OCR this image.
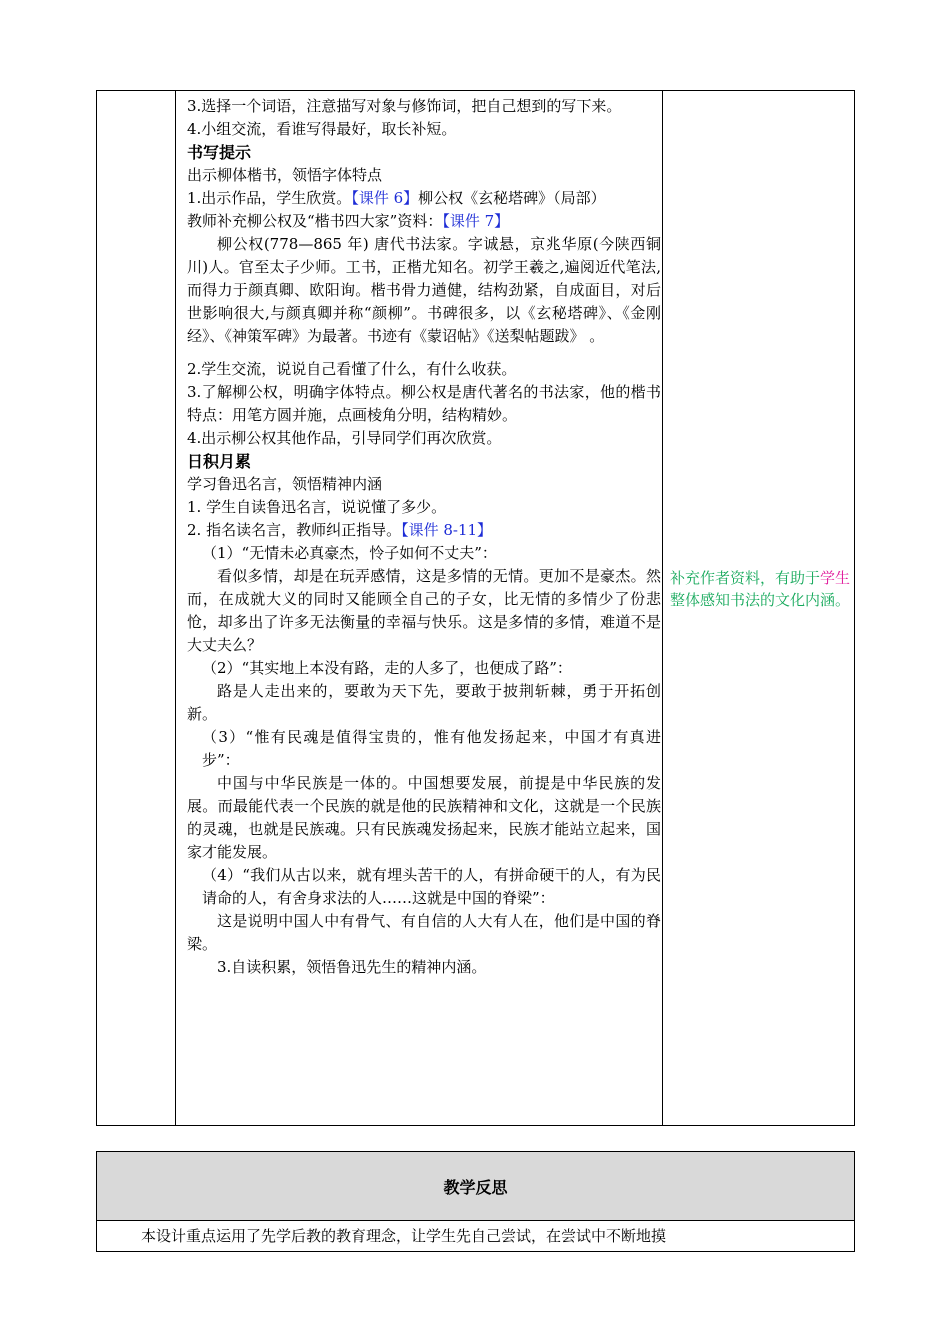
3.选择一个词语，注意描写对象与修饰词，把自己想到的写下来。

4.小组交流，看谁写得最好，取长补短。

书写提示

出示柳体楷书，领悟字体特点

1.出示作品，学生欣赏。【课件 6】柳公权《玄秘塔碑》（局部）

教师补充柳公权及“楷书四大家”资料：【课件 7】

柳公权(778—865 年) 唐代书法家。字诚悬，京兆华原(今陕西铜川)人。官至太子少师。工书，正楷尤知名。初学王羲之,遍阅近代笔法,而得力于颜真卿、欧阳询。楷书骨力遒健，结构劲紧，自成面目，对后世影响很大,与颜真卿并称“颜柳”。书碑很多，以《玄秘塔碑》、《金刚经》、《神策军碑》为最著。书迹有《蒙诏帖》《送梨帖题跋》 。

2.学生交流，说说自己看懂了什么，有什么收获。

3.了解柳公权，明确字体特点。柳公权是唐代著名的书法家，他的楷书特点：用笔方圆并施，点画棱角分明，结构精妙。

4.出示柳公权其他作品，引导同学们再次欣赏。

日积月累

学习鲁迅名言，领悟精神内涵

1. 学生自读鲁迅名言，说说懂了多少。

2. 指名读名言，教师纠正指导。【课件 8-11】

（1）“无情未必真豪杰，怜子如何不丈夫”：

看似多情，却是在玩弄感情，这是多情的无情。更加不是豪杰。然而，在成就大义的同时又能顾全自己的子女，比无情的多情少了份悲怆，却多出了许多无法衡量的幸福与快乐。这是多情的多情，难道不是大丈夫么？

（2）“其实地上本没有路，走的人多了，也便成了路”：

路是人走出来的，要敢为天下先，要敢于披荆斩棘，勇于开拓创新。

（3）“惟有民魂是值得宝贵的，惟有他发扬起来，中国才有真进步”：

中国与中华民族是一体的。中国想要发展，前提是中华民族的发展。而最能代表一个民族的就是他的民族精神和文化，这就是一个民族的灵魂，也就是民族魂。只有民族魂发扬起来，民族才能站立起来，国家才能发展。

（4）“我们从古以来，就有埋头苦干的人，有拼命硬干的人，有为民请命的人，有舍身求法的人……这就是中国的脊梁”：

这是说明中国人中有骨气、有自信的人大有人在，他们是中国的脊梁。

3.自读积累，领悟鲁迅先生的精神内涵。

补充作者资料，有助于学生整体感知书法的文化内涵。
教学反思
本设计重点运用了先学后教的教育理念，让学生先自己尝试，在尝试中不断地摸
